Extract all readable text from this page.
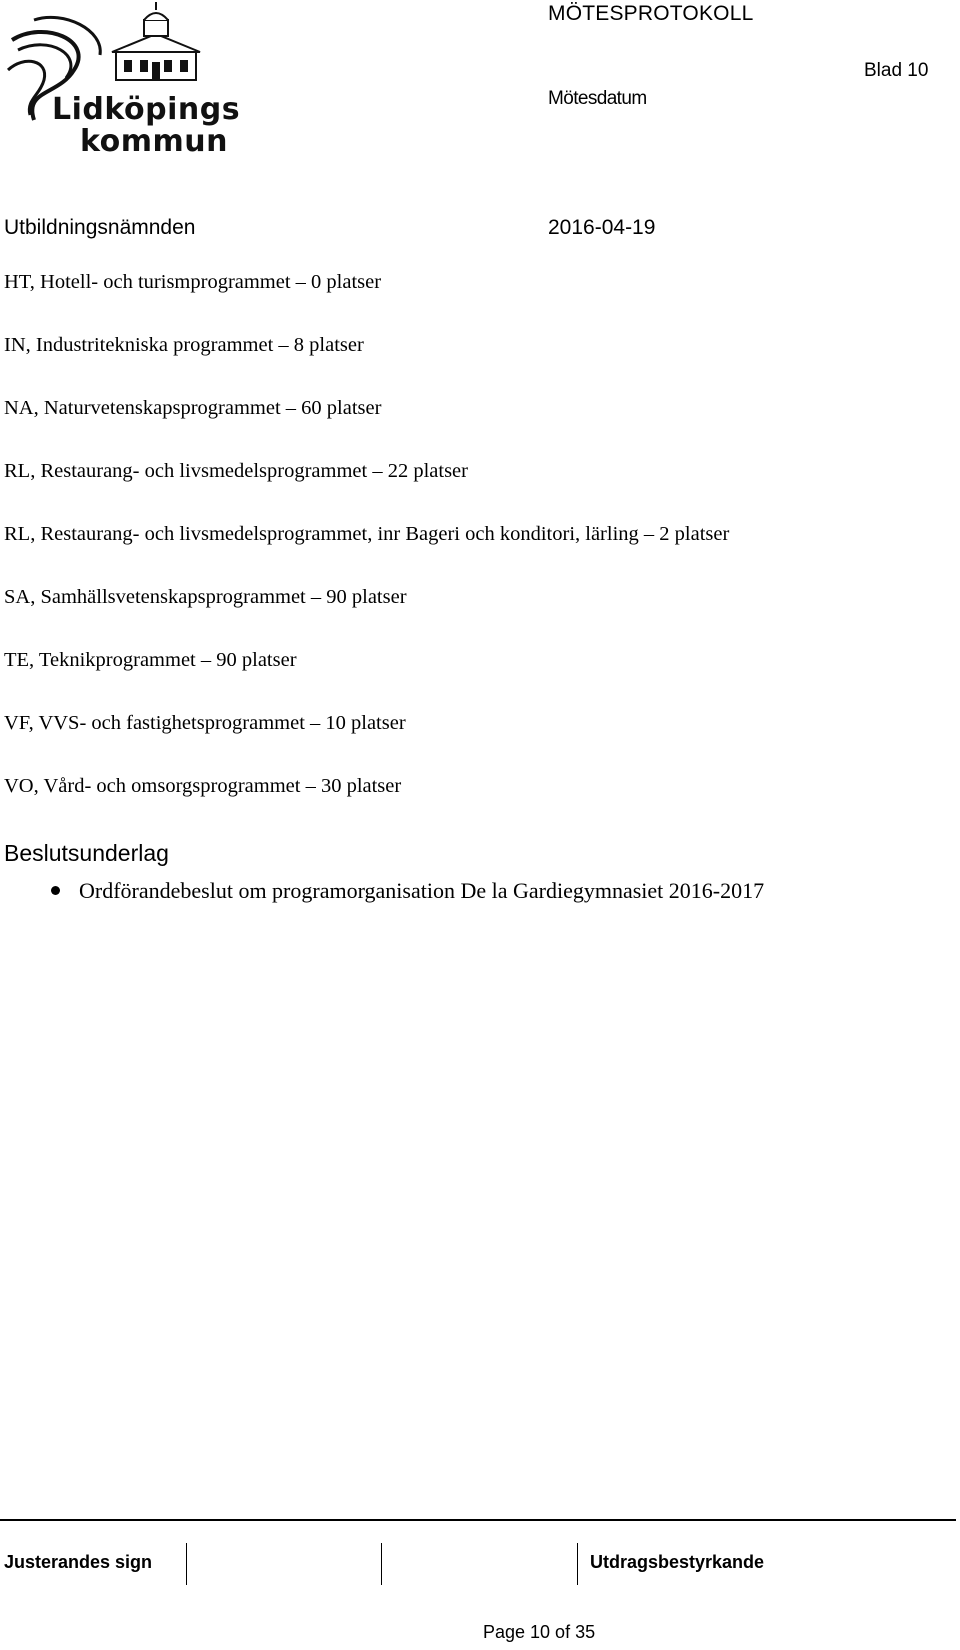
Lidköpings
kommun
MÖTESPROTOKOLL
Blad 10
Mötesdatum
Utbildningsnämnden	2016-04-19
HT, Hotell- och turismprogrammet – 0 platser
IN, Industritekniska programmet – 8 platser
NA, Naturvetenskapsprogrammet – 60 platser
RL, Restaurang- och livsmedelsprogrammet – 22 platser
RL, Restaurang- och livsmedelsprogrammet, inr Bageri och konditori, lärling – 2 platser
SA, Samhällsvetenskapsprogrammet – 90 platser
TE, Teknikprogrammet – 90 platser
VF, VVS- och fastighetsprogrammet – 10 platser
VO, Vård- och omsorgsprogrammet – 30 platser
Beslutsunderlag
Ordförandebeslut om programorganisation De la Gardiegymnasiet 2016-2017
Justerandes sign	Utdragsbestyrkande
Page 10 of 35
